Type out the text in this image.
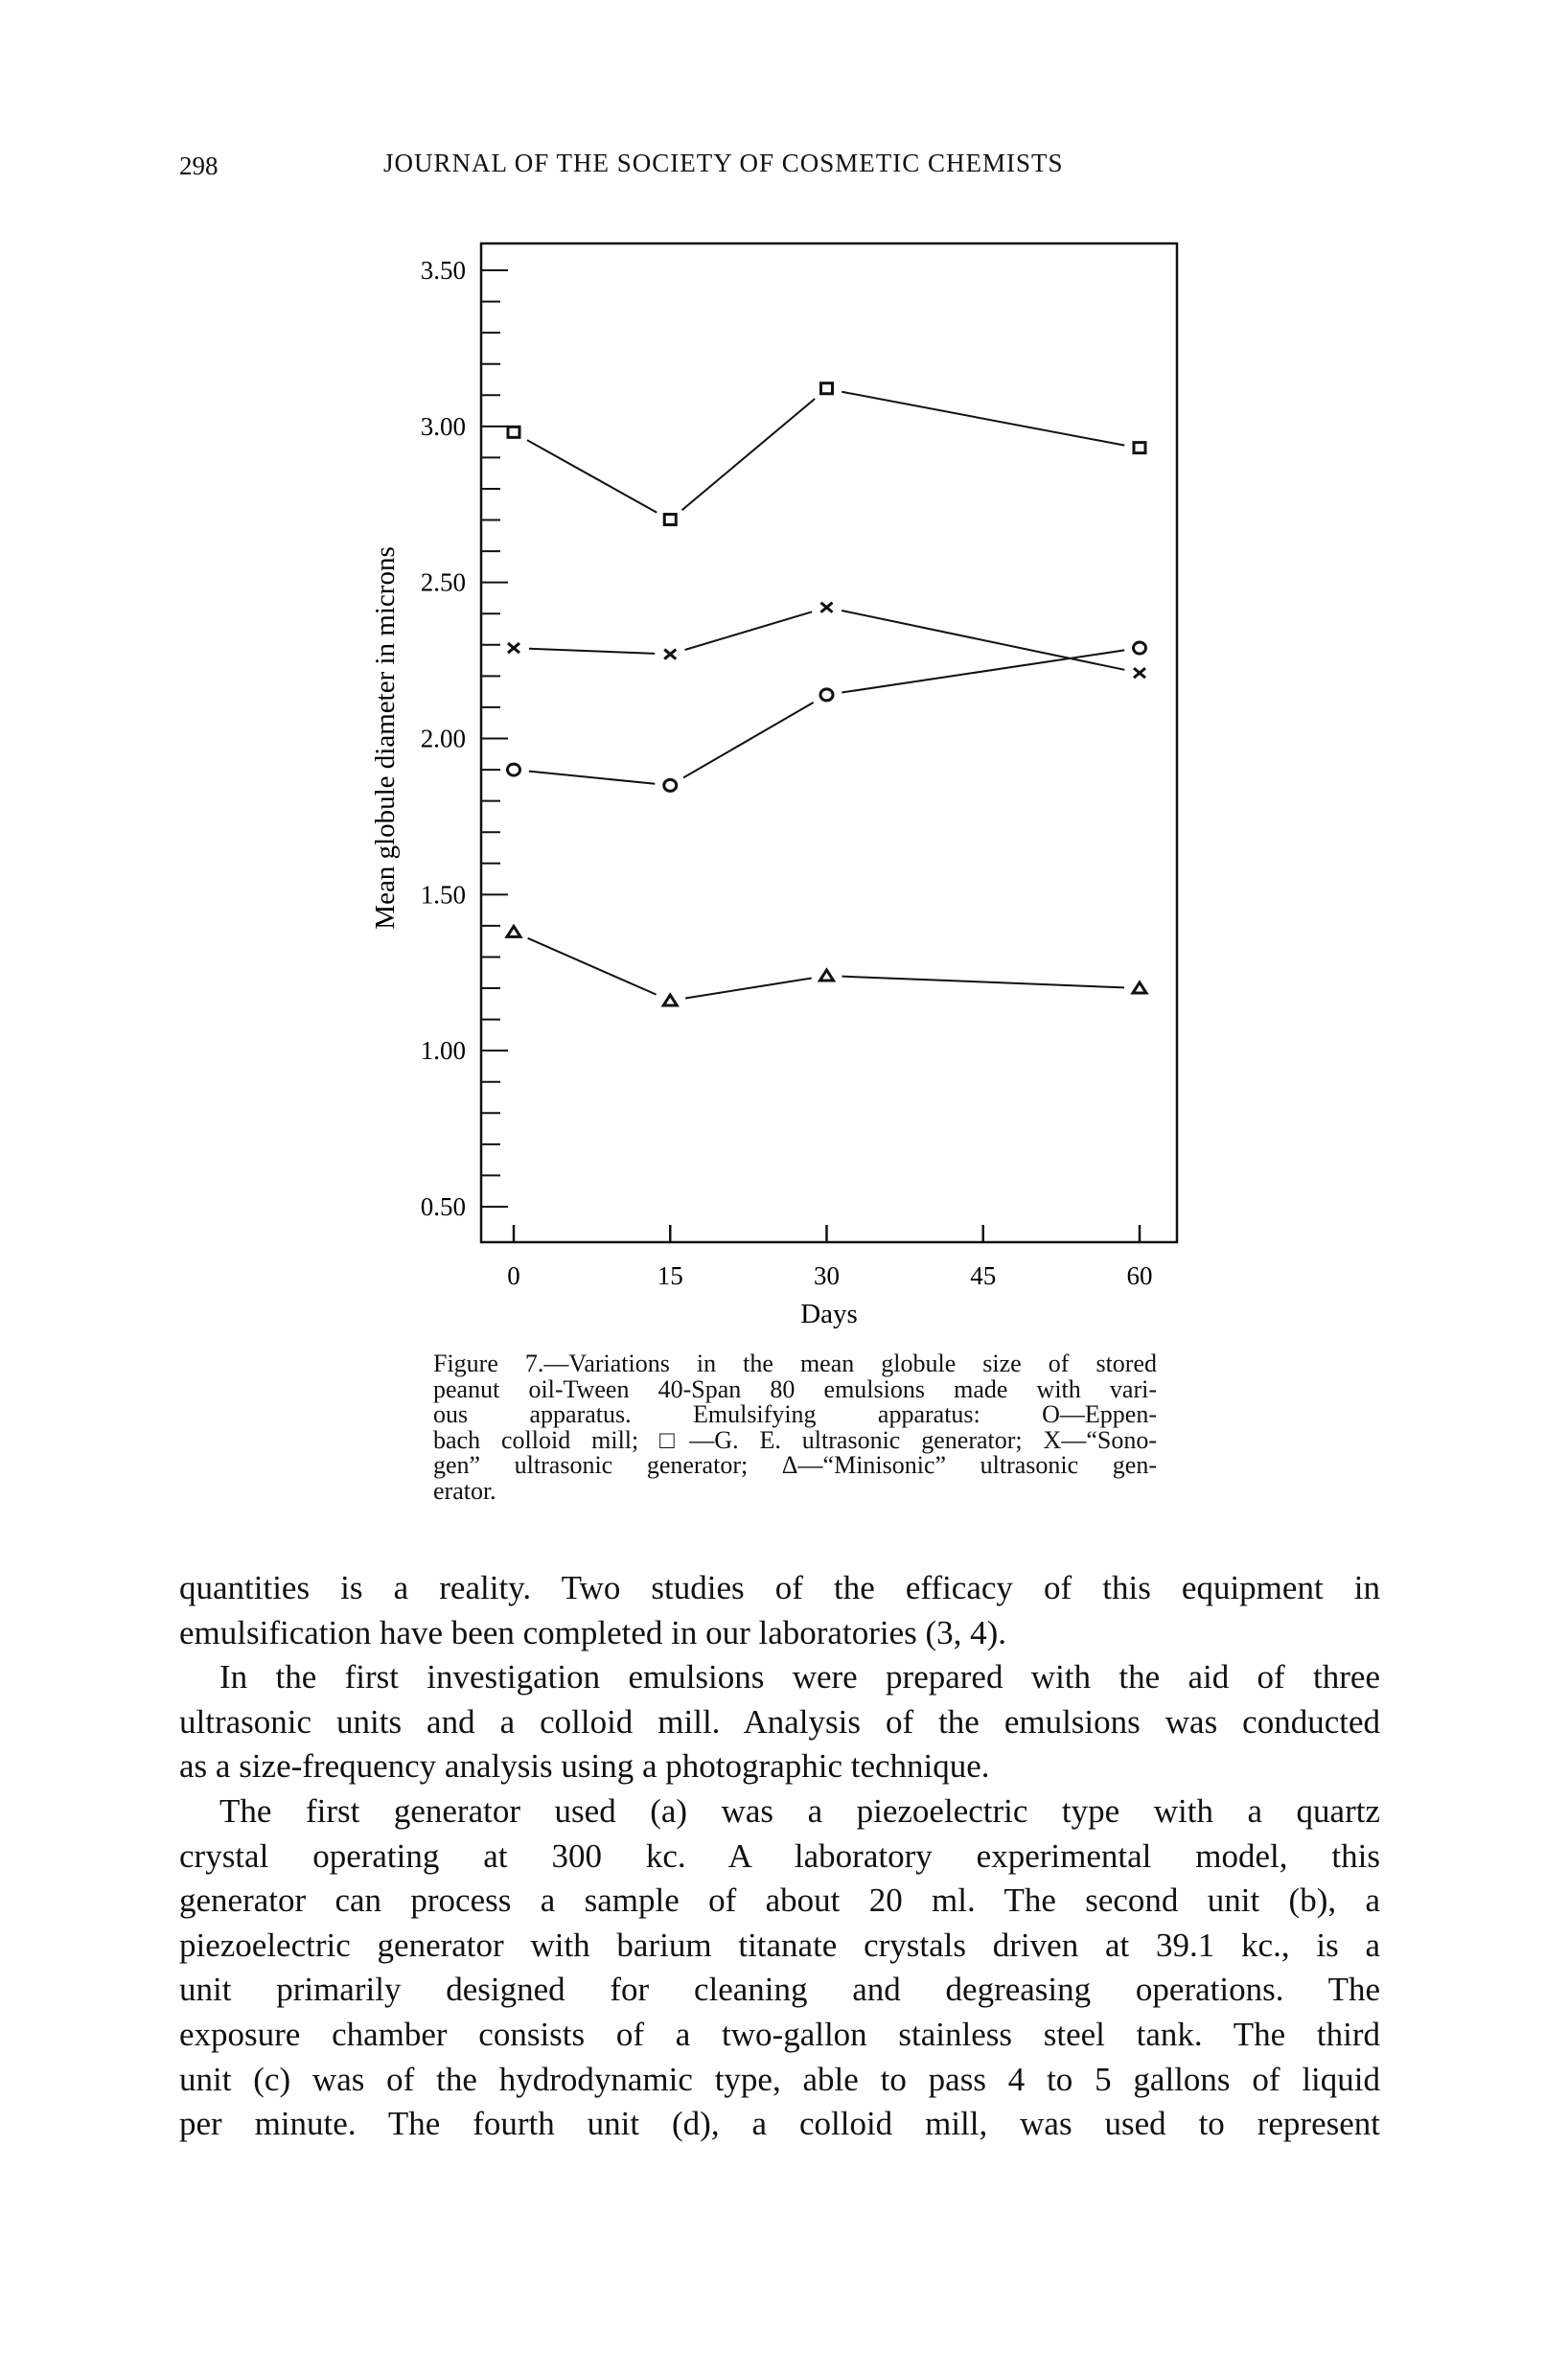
298	JOURNAL OF THE SOCIETY OF COSMETIC CHEMISTS
3.50
3.00
2.50
2.00
1.50
1.00
0.50
0	15	30	45	60
Days
Mean globule diameter in microns
Figure 7.—Variations in the mean globule size of stored
peanut oil-Tween 40-Span 80 emulsions made with vari-
ous apparatus. Emulsifying apparatus: O—Eppen-
bach colloid mill; □—G. E. ultrasonic generator; X—“Sono-
gen” ultrasonic generator; Δ—“Minisonic” ultrasonic gen-
erator.
quantities is a reality. Two studies of the efficacy of this equipment in
emulsification have been completed in our laboratories (3, 4).
In the first investigation emulsions were prepared with the aid of three
ultrasonic units and a colloid mill. Analysis of the emulsions was conducted
as a size-frequency analysis using a photographic technique.
The first generator used (a) was a piezoelectric type with a quartz
crystal operating at 300 kc. A laboratory experimental model, this
generator can process a sample of about 20 ml. The second unit (b), a
piezoelectric generator with barium titanate crystals driven at 39.1 kc., is a
unit primarily designed for cleaning and degreasing operations. The
exposure chamber consists of a two-gallon stainless steel tank. The third
unit (c) was of the hydrodynamic type, able to pass 4 to 5 gallons of liquid
per minute. The fourth unit (d), a colloid mill, was used to represent
